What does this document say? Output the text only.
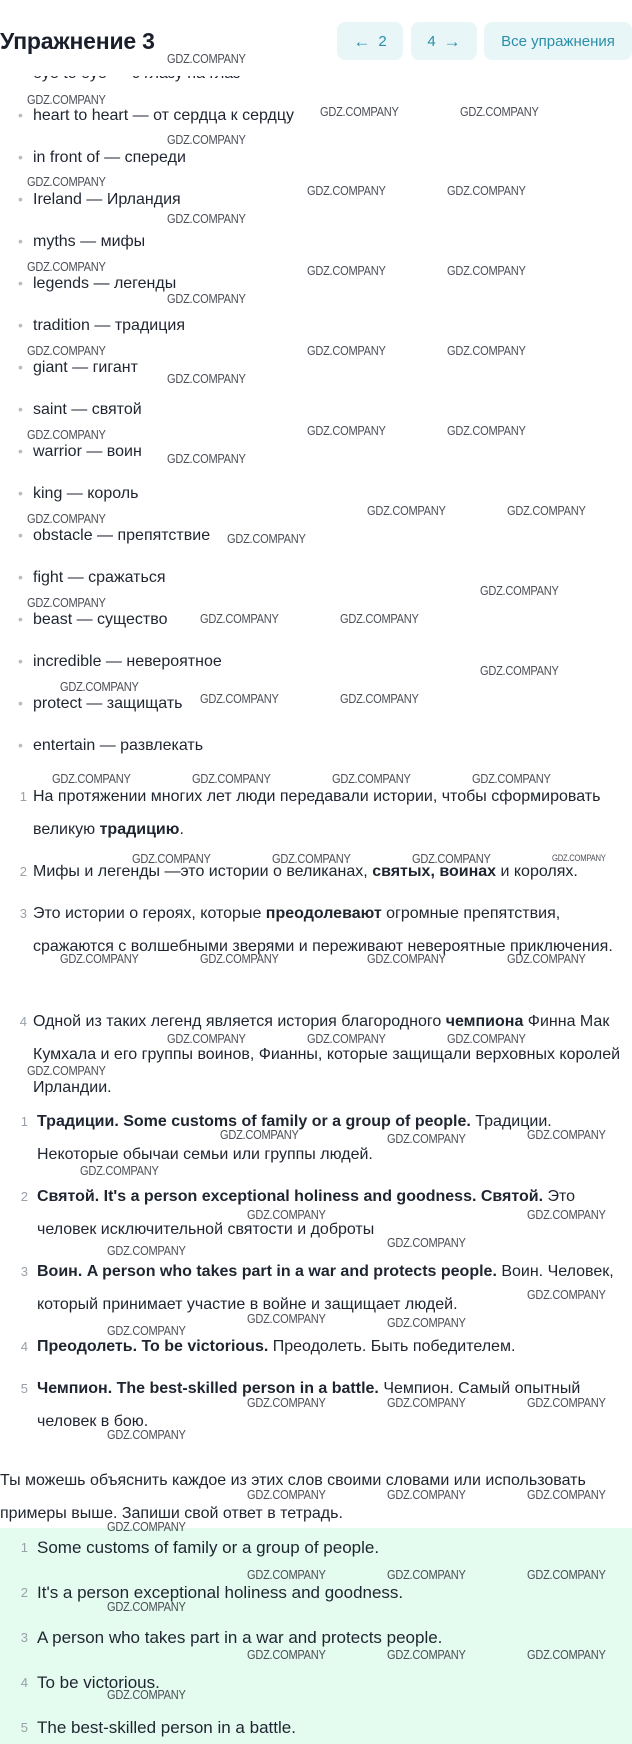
Упражнение 3	← 2	4 →	Все упражнения
• heart to heart — от сердца к сердцу
• in front of — спереди
• Ireland — Ирландия
• myths — мифы
• legends — легенды
• tradition — традиция
• giant — гигант
• saint — святой
• warrior — воин
• king — король
• obstacle — препятствие
• fight — сражаться
• beast — существо
• incredible — невероятное
• protect — защищать
• entertain — развлекать
1 На протяжении многих лет люди передавали истории, чтобы сформировать великую традицию.
2 Мифы и легенды —это истории о великанах, святых, воинах и королях.
3 Это истории о героях, которые преодолевают огромные препятствия, сражаются с волшебными зверями и переживают невероятные приключения.
4 Одной из таких легенд является история благородного чемпиона Финна Мак Кумхала и его группы воинов, Фианны, которые защищали верховных королей Ирландии.
1 Традиции. Some customs of family or a group of people. Традиции. Некоторые обычаи семьи или группы людей.
2 Святой. It's a person exceptional holiness and goodness. Святой. Это человек исключительной святости и доброты
3 Воин. A person who takes part in a war and protects people. Воин. Человек, который принимает участие в войне и защищает людей.
4 Преодолеть. To be victorious. Преодолеть. Быть победителем.
5 Чемпион. The best-skilled person in a battle. Чемпион. Самый опытный человек в бою.
Ты можешь объяснить каждое из этих слов своими словами или использовать примеры выше. Запиши свой ответ в тетрадь.
1 Some customs of family or a group of people.
2 It's a person exceptional holiness and goodness.
3 A person who takes part in a war and protects people.
4 To be victorious.
5 The best-skilled person in a battle.
GDZ.COMPANY
GDZ.COMPANY
GDZ.COMPANY	GDZ.COMPANY
GDZ.COMPANY
GDZ.COMPANY
GDZ.COMPANY	GDZ.COMPANY
GDZ.COMPANY
GDZ.COMPANY	GDZ.COMPANY	GDZ.COMPANY
GDZ.COMPANY
GDZ.COMPANY	GDZ.COMPANY	GDZ.COMPANY
GDZ.COMPANY
GDZ.COMPANY	GDZ.COMPANY	GDZ.COMPANY
GDZ.COMPANY
GDZ.COMPANY
GDZ.COMPANY	GDZ.COMPANY
GDZ.COMPANY
GDZ.COMPANY
GDZ.COMPANY
GDZ.COMPANY	GDZ.COMPANY
GDZ.COMPANY
GDZ.COMPANY
GDZ.COMPANY	GDZ.COMPANY
GDZ.COMPANY	GDZ.COMPANY	GDZ.COMPANY	GDZ.COMPANY
GDZ.COMPANY	GDZ.COMPANY	GDZ.COMPANY	GDZ.COMPANY
GDZ.COMPANY	GDZ.COMPANY	GDZ.COMPANY	GDZ.COMPANY
GDZ.COMPANY	GDZ.COMPANY	GDZ.COMPANY
GDZ.COMPANY
GDZ.COMPANY	GDZ.COMPANY	GDZ.COMPANY
GDZ.COMPANY
GDZ.COMPANY	GDZ.COMPANY
GDZ.COMPANY
GDZ.COMPANY
GDZ.COMPANY
GDZ.COMPANY	GDZ.COMPANY
GDZ.COMPANY
GDZ.COMPANY	GDZ.COMPANY	GDZ.COMPANY
GDZ.COMPANY
GDZ.COMPANY	GDZ.COMPANY	GDZ.COMPANY
GDZ.COMPANY
GDZ.COMPANY	GDZ.COMPANY	GDZ.COMPANY
GDZ.COMPANY
GDZ.COMPANY	GDZ.COMPANY	GDZ.COMPANY
GDZ.COMPANY
